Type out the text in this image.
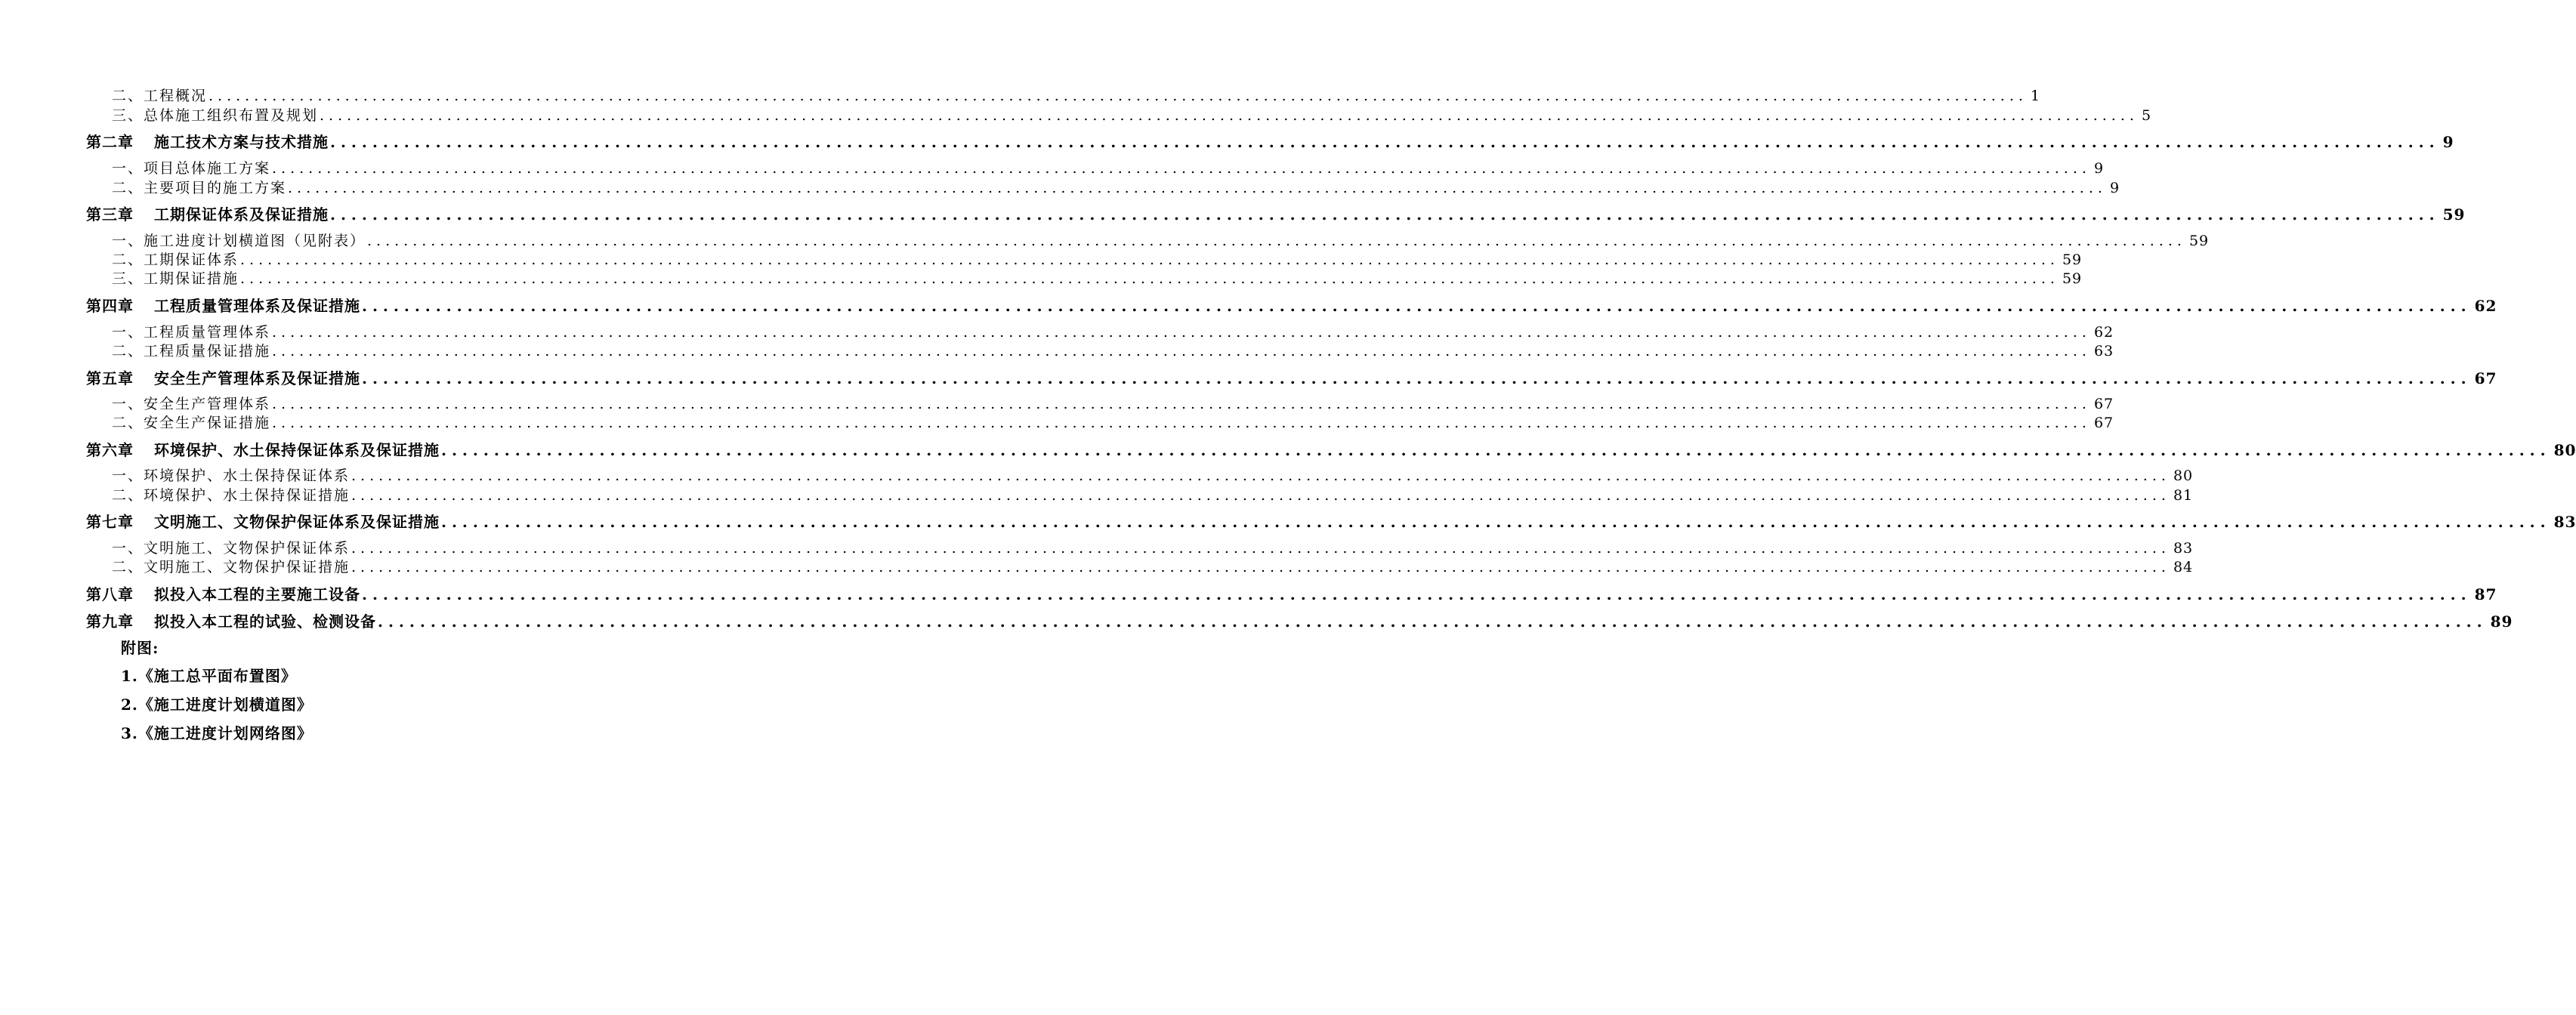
二、工程概况 ........................................................................................................................................................................................................ 1
三、总体施工组织布置及规划 ........................................................................................................................................................................................................ 5
第二章 施工技术方案与技术措施 ........................................................................................................................................................................................................ 9
一、项目总体施工方案 ........................................................................................................................................................................................................ 9
二、主要项目的施工方案 ........................................................................................................................................................................................................ 9
第三章 工期保证体系及保证措施 ........................................................................................................................................................................................................ 59
一、施工进度计划横道图（见附表） ........................................................................................................................................................................................................ 59
二、工期保证体系 ........................................................................................................................................................................................................ 59
三、工期保证措施 ........................................................................................................................................................................................................ 59
第四章 工程质量管理体系及保证措施 ........................................................................................................................................................................................................ 62
一、工程质量管理体系 ........................................................................................................................................................................................................ 62
二、工程质量保证措施 ........................................................................................................................................................................................................ 63
第五章 安全生产管理体系及保证措施 ........................................................................................................................................................................................................ 67
一、安全生产管理体系 ........................................................................................................................................................................................................ 67
二、安全生产保证措施 ........................................................................................................................................................................................................ 67
第六章 环境保护、水土保持保证体系及保证措施 ........................................................................................................................................................................................................ 80
一、环境保护、水土保持保证体系 ........................................................................................................................................................................................................ 80
二、环境保护、水土保持保证措施 ........................................................................................................................................................................................................ 81
第七章 文明施工、文物保护保证体系及保证措施 ........................................................................................................................................................................................................ 83
一、文明施工、文物保护保证体系 ........................................................................................................................................................................................................ 83
二、文明施工、文物保护保证措施 ........................................................................................................................................................................................................ 84
第八章 拟投入本工程的主要施工设备 ........................................................................................................................................................................................................ 87
第九章 拟投入本工程的试验、检测设备 ........................................................................................................................................................................................................ 89
附图:
1.《施工总平面布置图》
2.《施工进度计划横道图》
3.《施工进度计划网络图》
